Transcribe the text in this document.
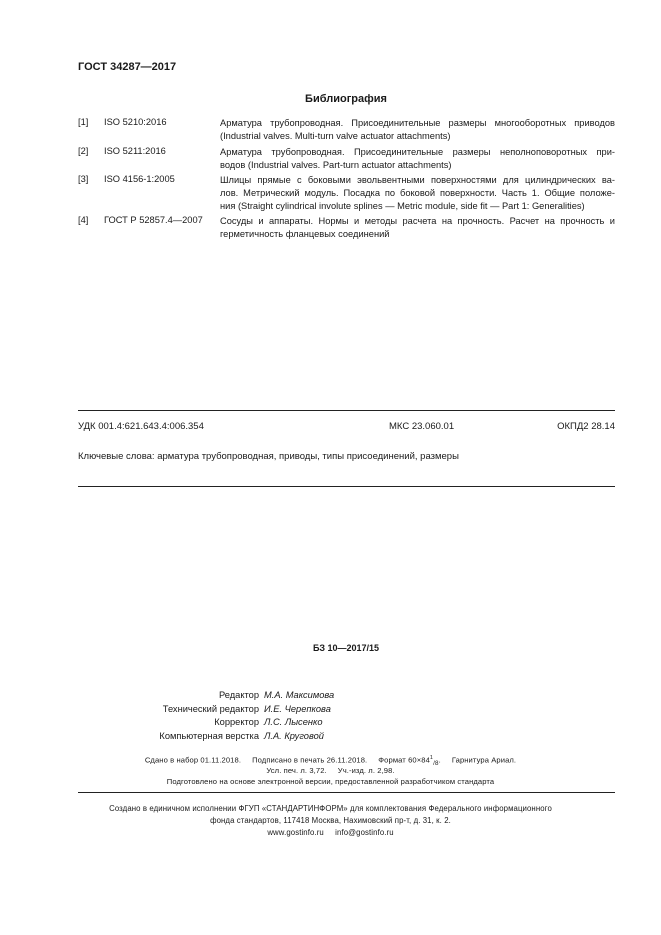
ГОСТ 34287—2017
Библиография
[1] ISO 5210:2016	Арматура трубопроводная. Присоединительные размеры многооборотных приводов
(Industrial valves. Multi-turn valve actuator attachments)
[2] ISO 5211:2016	Арматура трубопроводная. Присоединительные размеры неполноповоротных при-
водов (Industrial valves. Part-turn actuator attachments)
[3] ISO 4156-1:2005	Шлицы прямые с боковыми эвольвентными поверхностями для цилиндрических ва-
лов. Метрический модуль. Посадка по боковой поверхности. Часть 1. Общие положе-
ния (Straight cylindrical involute splines — Metric module, side fit — Part 1: Generalities)
[4] ГОСТ Р 52857.4—2007 Сосуды и аппараты. Нормы и методы расчета на прочность. Расчет на прочность и
герметичность фланцевых соединений
УДК 001.4:621.643.4:006.354	МКС 23.060.01	ОКПД2 28.14
Ключевые слова: арматура трубопроводная, приводы, типы присоединений, размеры
БЗ 10—2017/15
Редактор М.А. Максимова
Технический редактор И.Е. Черепкова
Корректор Л.С. Лысенко
Компьютерная верстка Л.А. Круговой
Сдано в набор 01.11.2018.     Подписано в печать 26.11.2018.     Формат $60\times 84^1_{/8}$.     Гарнитура Ариал.
Усл. печ. л. 3,72.     Уч.-изд. л. 2,98.
Подготовлено на основе электронной версии, предоставленной разработчиком стандарта
Создано в единичном исполнении ФГУП «СТАНДАРТИНФОРМ» для комплектования Федерального информационного
фонда стандартов, 117418 Москва, Нахимовский пр-т, д. 31, к. 2.
www.gostinfo.ru     info@gostinfo.ru
